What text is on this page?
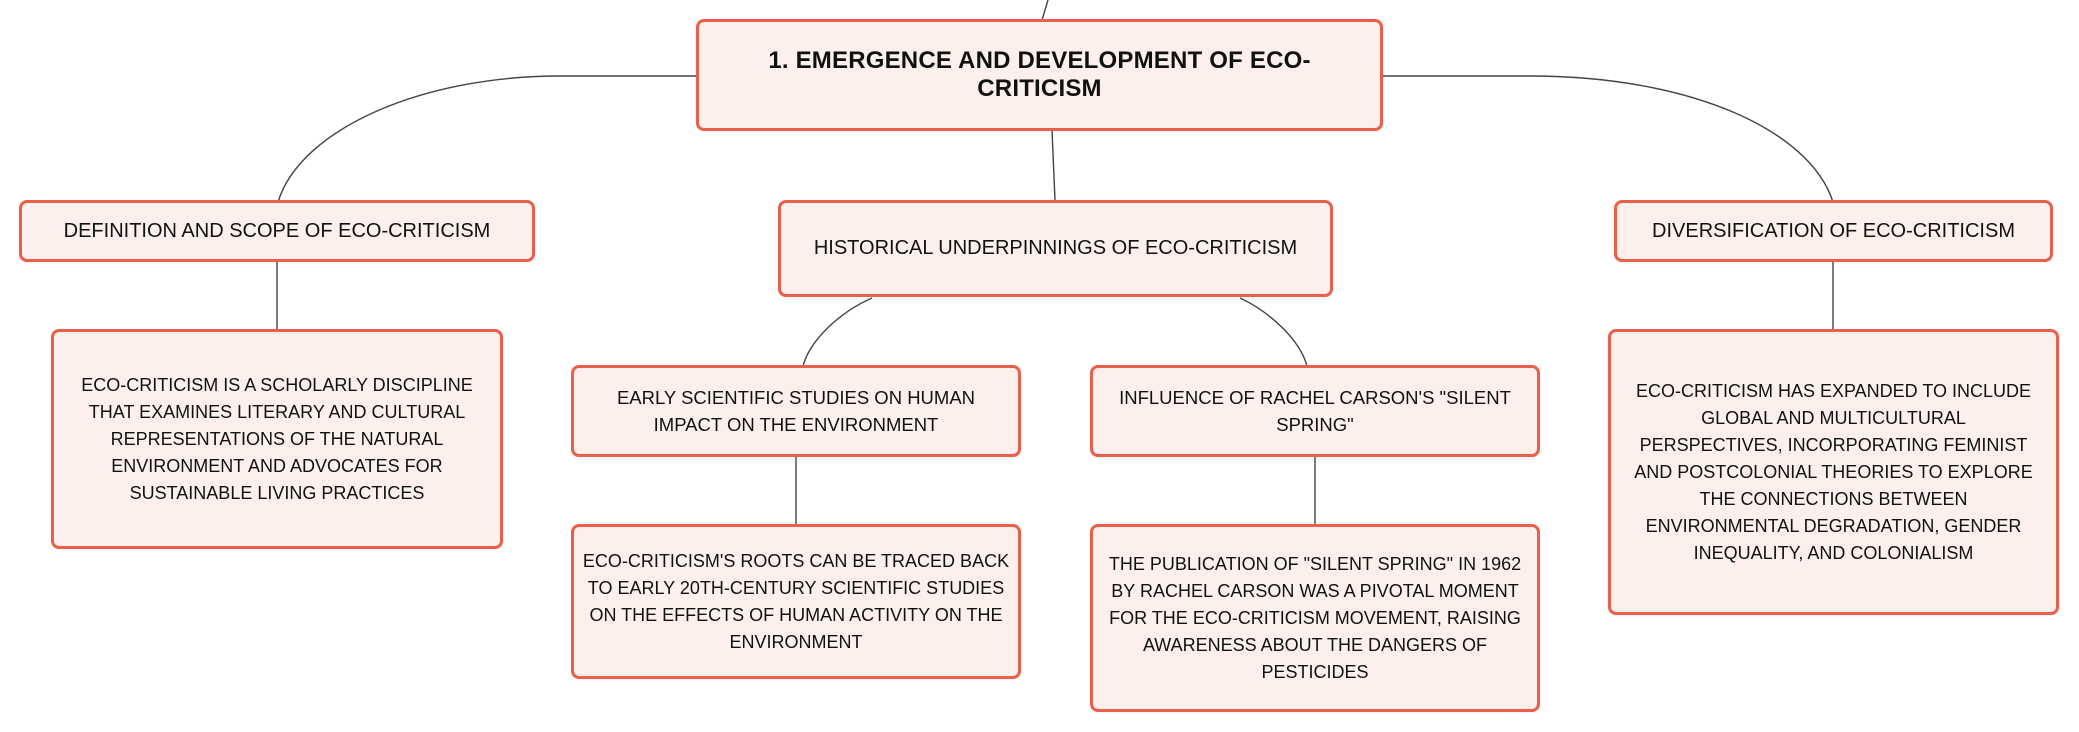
1. EMERGENCE AND DEVELOPMENT OF ECO-CRITICISM
DEFINITION AND SCOPE OF ECO-CRITICISM
HISTORICAL UNDERPINNINGS OF ECO-CRITICISM
DIVERSIFICATION OF ECO-CRITICISM
ECO-CRITICISM IS A SCHOLARLY DISCIPLINE THAT EXAMINES LITERARY AND CULTURAL REPRESENTATIONS OF THE NATURAL ENVIRONMENT AND ADVOCATES FOR SUSTAINABLE LIVING PRACTICES
EARLY SCIENTIFIC STUDIES ON HUMAN IMPACT ON THE ENVIRONMENT
INFLUENCE OF RACHEL CARSON'S "SILENT SPRING"
ECO-CRITICISM'S ROOTS CAN BE TRACED BACK TO EARLY 20TH-CENTURY SCIENTIFIC STUDIES ON THE EFFECTS OF HUMAN ACTIVITY ON THE ENVIRONMENT
THE PUBLICATION OF "SILENT SPRING" IN 1962 BY RACHEL CARSON WAS A PIVOTAL MOMENT FOR THE ECO-CRITICISM MOVEMENT, RAISING AWARENESS ABOUT THE DANGERS OF PESTICIDES
ECO-CRITICISM HAS EXPANDED TO INCLUDE GLOBAL AND MULTICULTURAL PERSPECTIVES, INCORPORATING FEMINIST AND POSTCOLONIAL THEORIES TO EXPLORE THE CONNECTIONS BETWEEN ENVIRONMENTAL DEGRADATION, GENDER INEQUALITY, AND COLONIALISM
